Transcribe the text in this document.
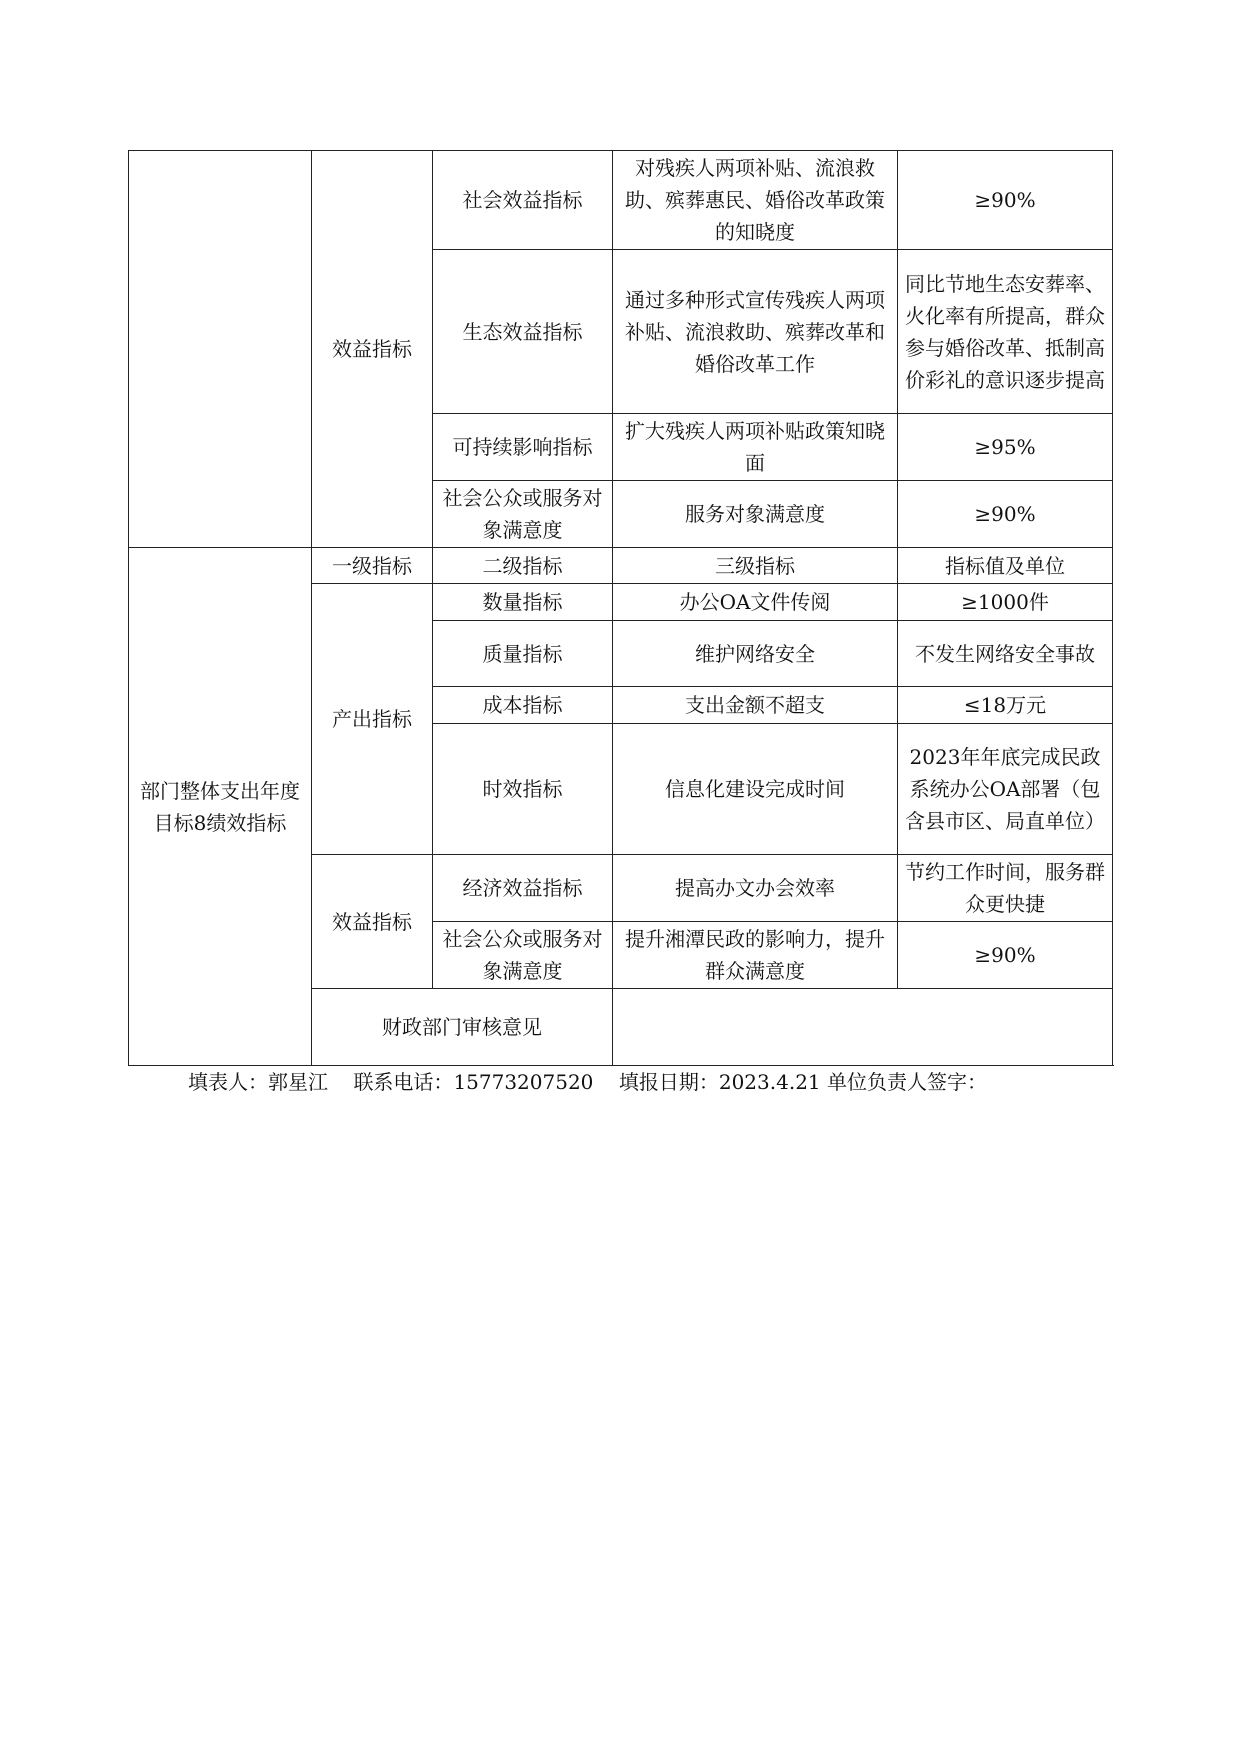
	效益指标	社会效益指标	对残疾人两项补贴、流浪救助、殡葬惠民、婚俗改革政策的知晓度	≥90%
		生态效益指标	通过多种形式宣传残疾人两项补贴、流浪救助、殡葬改革和婚俗改革工作	同比节地生态安葬率、火化率有所提高，群众参与婚俗改革、抵制高价彩礼的意识逐步提高
		可持续影响指标	扩大残疾人两项补贴政策知晓面	≥95%
		社会公众或服务对象满意度	服务对象满意度	≥90%
部门整体支出年度目标8绩效指标	一级指标	二级指标	三级指标	指标值及单位
	产出指标	数量指标	办公OA文件传阅	≥1000件
		质量指标	维护网络安全	不发生网络安全事故
		成本指标	支出金额不超支	≤18万元
		时效指标	信息化建设完成时间	2023年年底完成民政系统办公OA部署（包含县市区、局直单位）
	效益指标	经济效益指标	提高办文办会效率	节约工作时间，服务群众更快捷
		社会公众或服务对象满意度	提升湘潭民政的影响力，提升群众满意度	≥90%
	财政部门审核意见			
填表人：郭星江 联系电话：15773207520 填报日期：2023.4.21 单位负责人签字：
